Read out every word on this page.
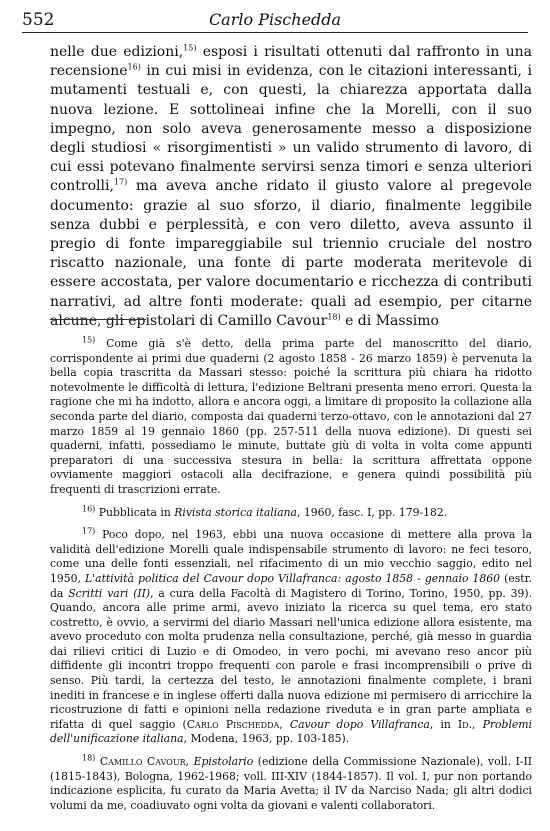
552	Carlo Pischedda

nelle due edizioni,$^{15)}$ esposi i risultati ottenuti dal raffronto in una recensione$^{16)}$ in cui misi in evidenza, con le citazioni interessanti, i mutamenti testuali e, con questi, la chiarezza apportata dalla nuova lezione. E sottolineai infine che la Morelli, con il suo impegno, non solo aveva generosamente messo a disposizione degli studiosi « risorgimentisti » un valido strumento di lavoro, di cui essi potevano finalmente servirsi senza timori e senza ulteriori controlli,$^{17)}$ ma aveva anche ridato il giusto valore al pregevole documento: grazie al suo sforzo, il diario, finalmente leggibile senza dubbi e perplessità, e con vero diletto, aveva assunto il pregio di fonte impareggiabile sul triennio cruciale del nostro riscatto nazionale, una fonte di parte moderata meritevole di essere accostata, per valore documentario e ricchezza di contributi narrativi, ad altre fonti moderate: quali ad esempio, per citarne alcune, gli epistolari di Camillo Cavour$^{18)}$ e di Massimo

$^{15)}$ Come già s'è detto, della prima parte del manoscritto del diario, corrispondente ai primi due quaderni (2 agosto 1858 - 26 marzo 1859) è pervenuta la bella copia trascritta da Massari stesso: poiché la scrittura più chiara ha ridotto notevolmente le difficoltà di lettura, l'edizione Beltrani presenta meno errori. Questa la ragione che mi ha indotto, allora e ancora oggi, a limitare di proposito la collazione alla seconda parte del diario, composta dai quaderni terzo-ottavo, con le annotazioni dal 27 marzo 1859 al 19 gennaio 1860 (pp. 257-511 della nuova edizione). Di questi sei quaderni, infatti, possediamo le minute, buttate giù di volta in volta come appunti preparatori di una successiva stesura in bella: la scrittura affrettata oppone ovviamente maggiori ostacoli alla decifrazione, e genera quindi possibilità più frequenti di trascrizioni errate.

$^{16)}$ Pubblicata in Rivista storica italiana, 1960, fasc. I, pp. 179-182.

$^{17)}$ Poco dopo, nel 1963, ebbi una nuova occasione di mettere alla prova la validità dell'edizione Morelli quale indispensabile strumento di lavoro: ne feci tesoro, come una delle fonti essenziali, nel rifacimento di un mio vecchio saggio, edito nel 1950, L'attività politica del Cavour dopo Villafranca: agosto 1858 - gennaio 1860 (estr. da Scritti vari (II), a cura della Facoltà di Magistero di Torino, Torino, 1950, pp. 39). Quando, ancora alle prime armi, avevo iniziato la ricerca su quel tema, ero stato costretto, è ovvio, a servirmi del diario Massari nell'unica edizione allora esistente, ma avevo proceduto con molta prudenza nella consultazione, perché, già messo in guardia dai rilievi critici di Luzio e di Omodeo, in vero pochi, mi avevano reso ancor più diffidente gli incontri troppo frequenti con parole e frasi incomprensibili o prive di senso. Più tardi, la certezza del testo, le annotazioni finalmente complete, i brani inediti in francese e in inglese offerti dalla nuova edizione mi permisero di arricchire la ricostruzione di fatti e opinioni nella redazione riveduta e in gran parte ampliata e rifatta di quel saggio (Carlo Pischedda, Cavour dopo Villafranca, in Id., Problemi dell'unificazione italiana, Modena, 1963, pp. 103-185).

$^{18)}$ Camillo Cavour, Epistolario (edizione della Commissione Nazionale), voll. I-II (1815-1843), Bologna, 1962-1968; voll. III-XIV (1844-1857). Il vol. I, pur non portando indicazione esplicita, fu curato da Maria Avetta; il IV da Narciso Nada; gli altri dodici volumi da me, coadiuvato ogni volta da giovani e valenti collaboratori.
